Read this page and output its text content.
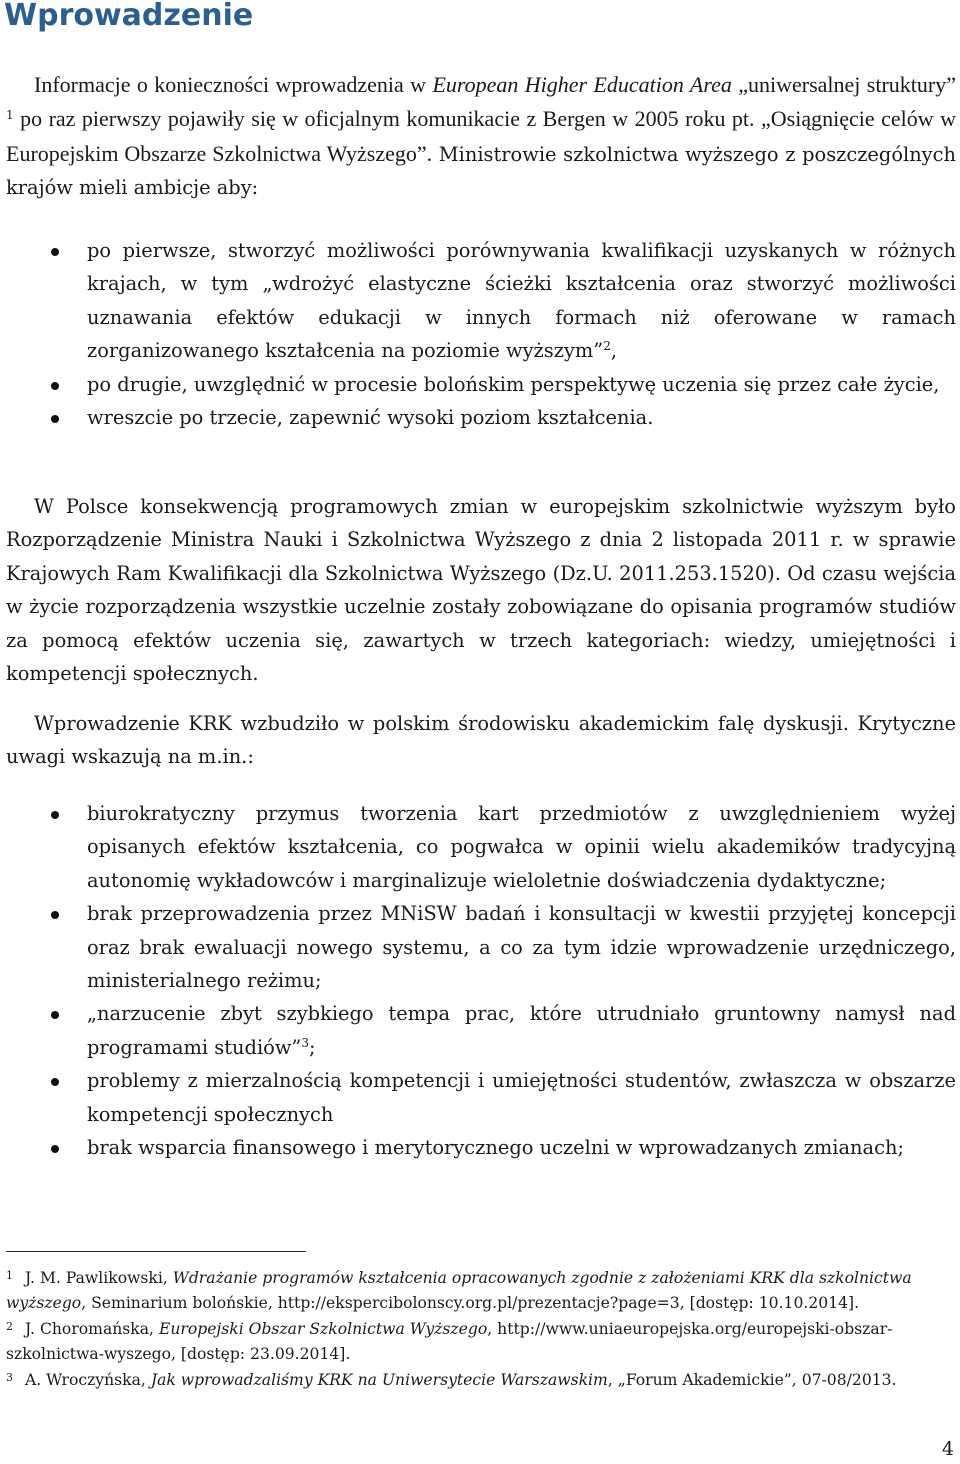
Wprowadzenie

Informacje o konieczności wprowadzenia w European Higher Education Area „uniwersalnej struktury” $^1$ po raz pierwszy pojawiły się w oficjalnym komunikacie z Bergen w 2005 roku pt. „Osiągnięcie celów w Europejskim Obszarze Szkolnictwa Wyższego”. Ministrowie szkolnictwa wyższego z poszczególnych krajów mieli ambicje aby:

po pierwsze, stworzyć możliwości porównywania kwalifikacji uzyskanych w różnych krajach, w tym „wdrożyć elastyczne ścieżki kształcenia oraz stworzyć możliwości uznawania efektów edukacji w innych formach niż oferowane w ramach zorganizowanego kształcenia na poziomie wyższym”$^2$,
po drugie, uwzględnić w procesie bolońskim perspektywę uczenia się przez całe życie,
wreszcie po trzecie, zapewnić wysoki poziom kształcenia.

W Polsce konsekwencją programowych zmian w europejskim szkolnictwie wyższym było Rozporządzenie Ministra Nauki i Szkolnictwa Wyższego z dnia 2 listopada 2011 r. w sprawie Krajowych Ram Kwalifikacji dla Szkolnictwa Wyższego (Dz.U. 2011.253.1520). Od czasu wejścia w życie rozporządzenia wszystkie uczelnie zostały zobowiązane do opisania programów studiów za pomocą efektów uczenia się, zawartych w trzech kategoriach: wiedzy, umiejętności i kompetencji społecznych.

Wprowadzenie KRK wzbudziło w polskim środowisku akademickim falę dyskusji. Krytyczne uwagi wskazują na m.in.:

biurokratyczny przymus tworzenia kart przedmiotów z uwzględnieniem wyżej opisanych efektów kształcenia, co pogwałca w opinii wielu akademików tradycyjną autonomię wykładowców i marginalizuje wieloletnie doświadczenia dydaktyczne;
brak przeprowadzenia przez MNiSW badań i konsultacji w kwestii przyjętej koncepcji oraz brak ewaluacji nowego systemu, a co za tym idzie wprowadzenie urzędniczego, ministerialnego reżimu;
„narzucenie zbyt szybkiego tempa prac, które utrudniało gruntowny namysł nad programami studiów”$^3$;
problemy z mierzalnością kompetencji i umiejętności studentów, zwłaszcza w obszarze kompetencji społecznych
brak wsparcia finansowego i merytorycznego uczelni w wprowadzanych zmianach;

$^1$ J. M. Pawlikowski, Wdrażanie programów kształcenia opracowanych zgodnie z założeniami KRK dla szkolnictwa wyższego, Seminarium bolońskie, http://ekspercibolonscy.org.pl/prezentacje?page=3, [dostęp: 10.10.2014].

$^2$ J. Choromańska, Europejski Obszar Szkolnictwa Wyższego, http://www.uniaeuropejska.org/europejski-obszar-szkolnictwa-wyszego, [dostęp: 23.09.2014].

$^3$ A. Wroczyńska, Jak wprowadzaliśmy KRK na Uniwersytecie Warszawskim, „Forum Akademickie”, 07-08/2013.

4
